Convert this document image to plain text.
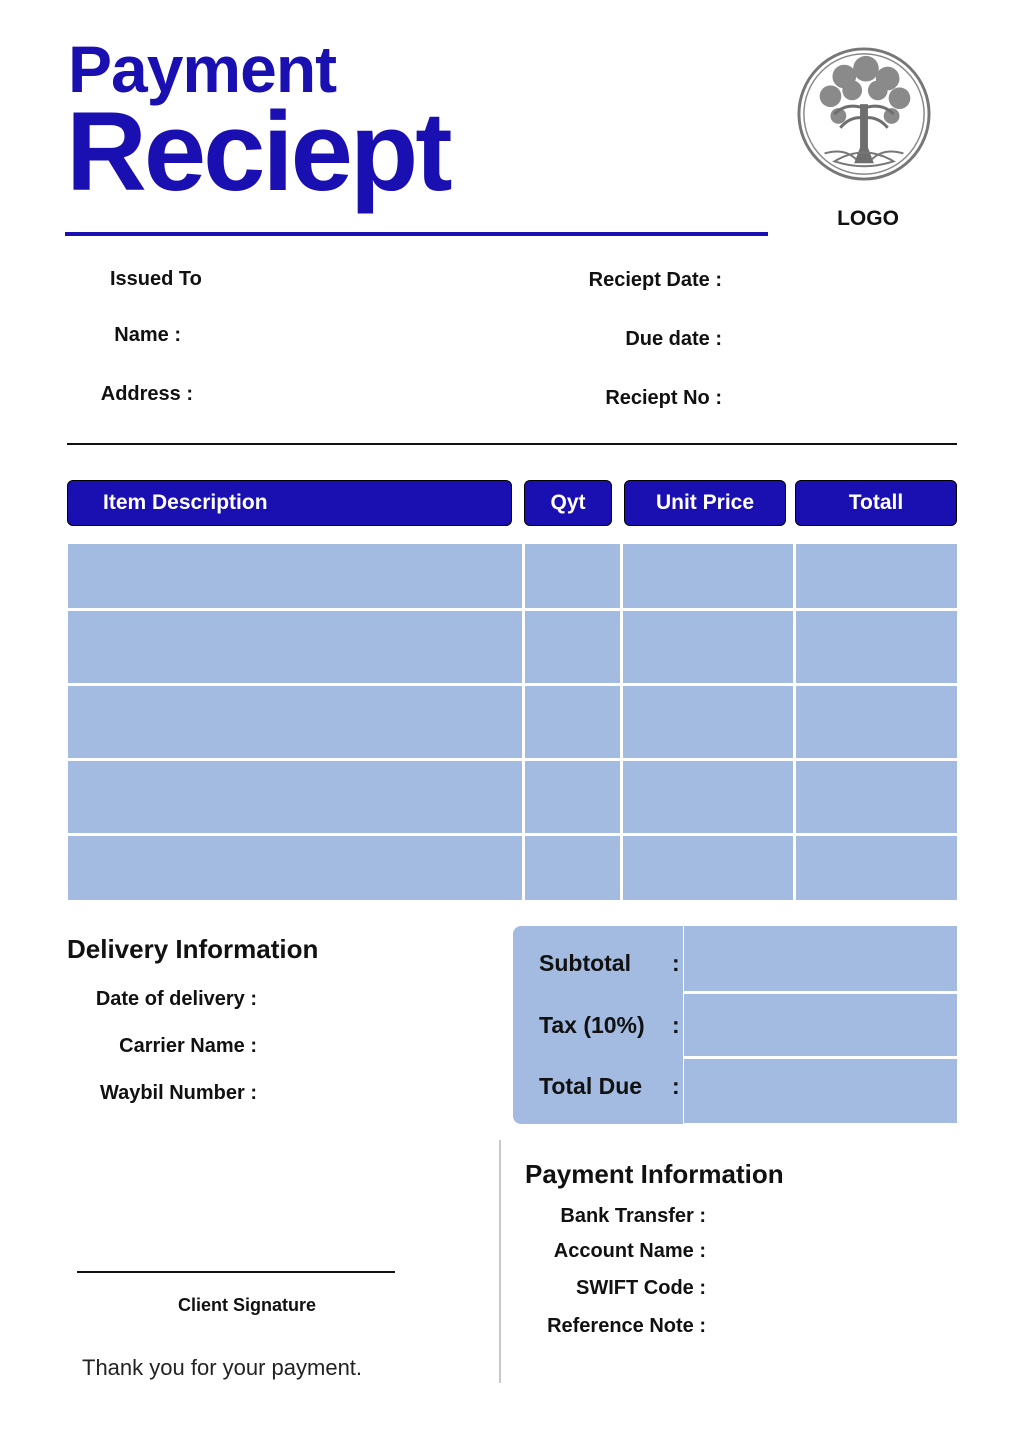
Payment
Reciept
LOGO
Issued To
Name :
Address :
Reciept Date :
Due date :
Reciept No :
Item Description	Qyt	Unit Price	Totall
Delivery Information
Date of delivery :
Carrier Name :
Waybil Number :
Subtotal :
Tax (10%) :
Total Due :
Payment Information
Bank Transfer :
Account Name :
SWIFT Code :
Reference Note :
Client Signature
Thank you for your payment.
